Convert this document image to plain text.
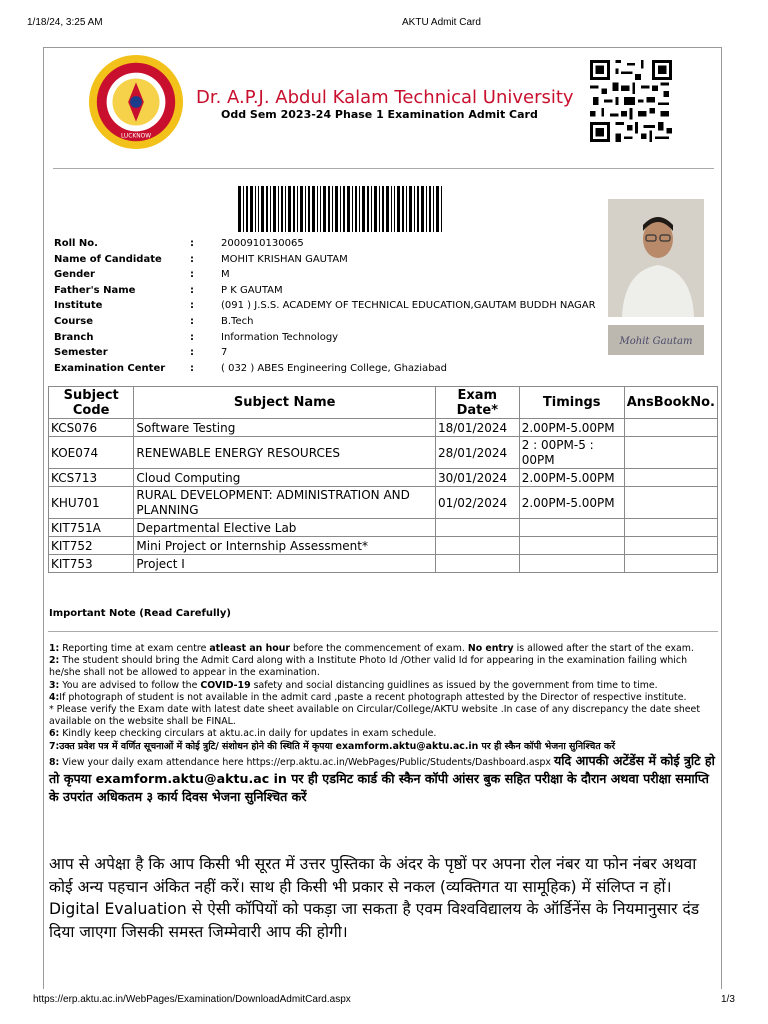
1/18/24, 3:25 AM	AKTU Admit Card
LUCKNOW
Dr. A.P.J. Abdul Kalam Technical University
Odd Sem 2023-24 Phase 1 Examination Admit Card
Mohit Gautam
Roll No.	:	2000910130065
Name of Candidate	:	MOHIT KRISHAN GAUTAM
Gender	:	M
Father's Name	:	P K GAUTAM
Institute	:	(091 ) J.S.S. ACADEMY OF TECHNICAL EDUCATION,GAUTAM BUDDH NAGAR
Course	:	B.Tech
Branch	:	Information Technology
Semester	:	7
Examination Center :	( 032 ) ABES Engineering College, Ghaziabad
Subject Code	Subject Name	Exam Date*	Timings	AnsBookNo.
KCS076	Software Testing	18/01/2024	2.00PM-5.00PM	
KOE074	RENEWABLE ENERGY RESOURCES	28/01/2024	2 : 00PM-5 : 00PM	
KCS713	Cloud Computing	30/01/2024	2.00PM-5.00PM	
KHU701	RURAL DEVELOPMENT: ADMINISTRATION AND PLANNING	01/02/2024	2.00PM-5.00PM	
KIT751A	Departmental Elective Lab			
KIT752	Mini Project or Internship Assessment*			
KIT753	Project I			
Important Note (Read Carefully)

1: Reporting time at exam centre atleast an hour before the commencement of exam. No entry is allowed after the start of the exam.

2: The student should bring the Admit Card along with a Institute Photo Id /Other valid Id for appearing in the examination failing which he/she shall not be allowed to appear in the examination.

3: You are advised to follow the COVID-19 safety and social distancing guidlines as issued by the government from time to time.

4:If photograph of student is not available in the admit card ,paste a recent photograph attested by the Director of respective institute.

* Please verify the Exam date with latest date sheet available on Circular/College/AKTU website .In case of any discrepancy the date sheet available on the website shall be FINAL.

6: Kindly keep checking circulars at aktu.ac.in daily for updates in exam schedule.

7:उक्त प्रवेश पत्र में वर्णित सूचनाओं में कोई त्रुटि/ संशोधन होने की स्थिति में कृपया examform.aktu@aktu.ac.in पर ही स्कैन कॉपी भेजना सुनिश्चित करें

8: View your daily exam attendance here https://erp.aktu.ac.in/WebPages/Public/Students/Dashboard.aspx यदि आपकी अटेंडेंस में कोई त्रुटि हो तो कृपया examform.aktu@aktu.ac in पर ही एडमिट कार्ड की स्कैन कॉपी आंसर बुक सहित परीक्षा के दौरान अथवा परीक्षा समाप्ति के उपरांत अधिकतम ३ कार्य दिवस भेजना सुनिश्चित करें

आप से अपेक्षा है कि आप किसी भी सूरत में उत्तर पुस्तिका के अंदर के पृष्ठों पर अपना रोल नंबर या फोन नंबर अथवा कोई अन्य पहचान अंकित नहीं करें। साथ ही किसी भी प्रकार से नकल (व्यक्तिगत या सामूहिक) में संलिप्त न हों। Digital Evaluation से ऐसी कॉपियों को पकड़ा जा सकता है एवम विश्वविद्यालय के ऑर्डिनेंस के नियमानुसार दंड दिया जाएगा जिसकी समस्त जिम्मेवारी आप की होगी।
https://erp.aktu.ac.in/WebPages/Examination/DownloadAdmitCard.aspx	1/3
